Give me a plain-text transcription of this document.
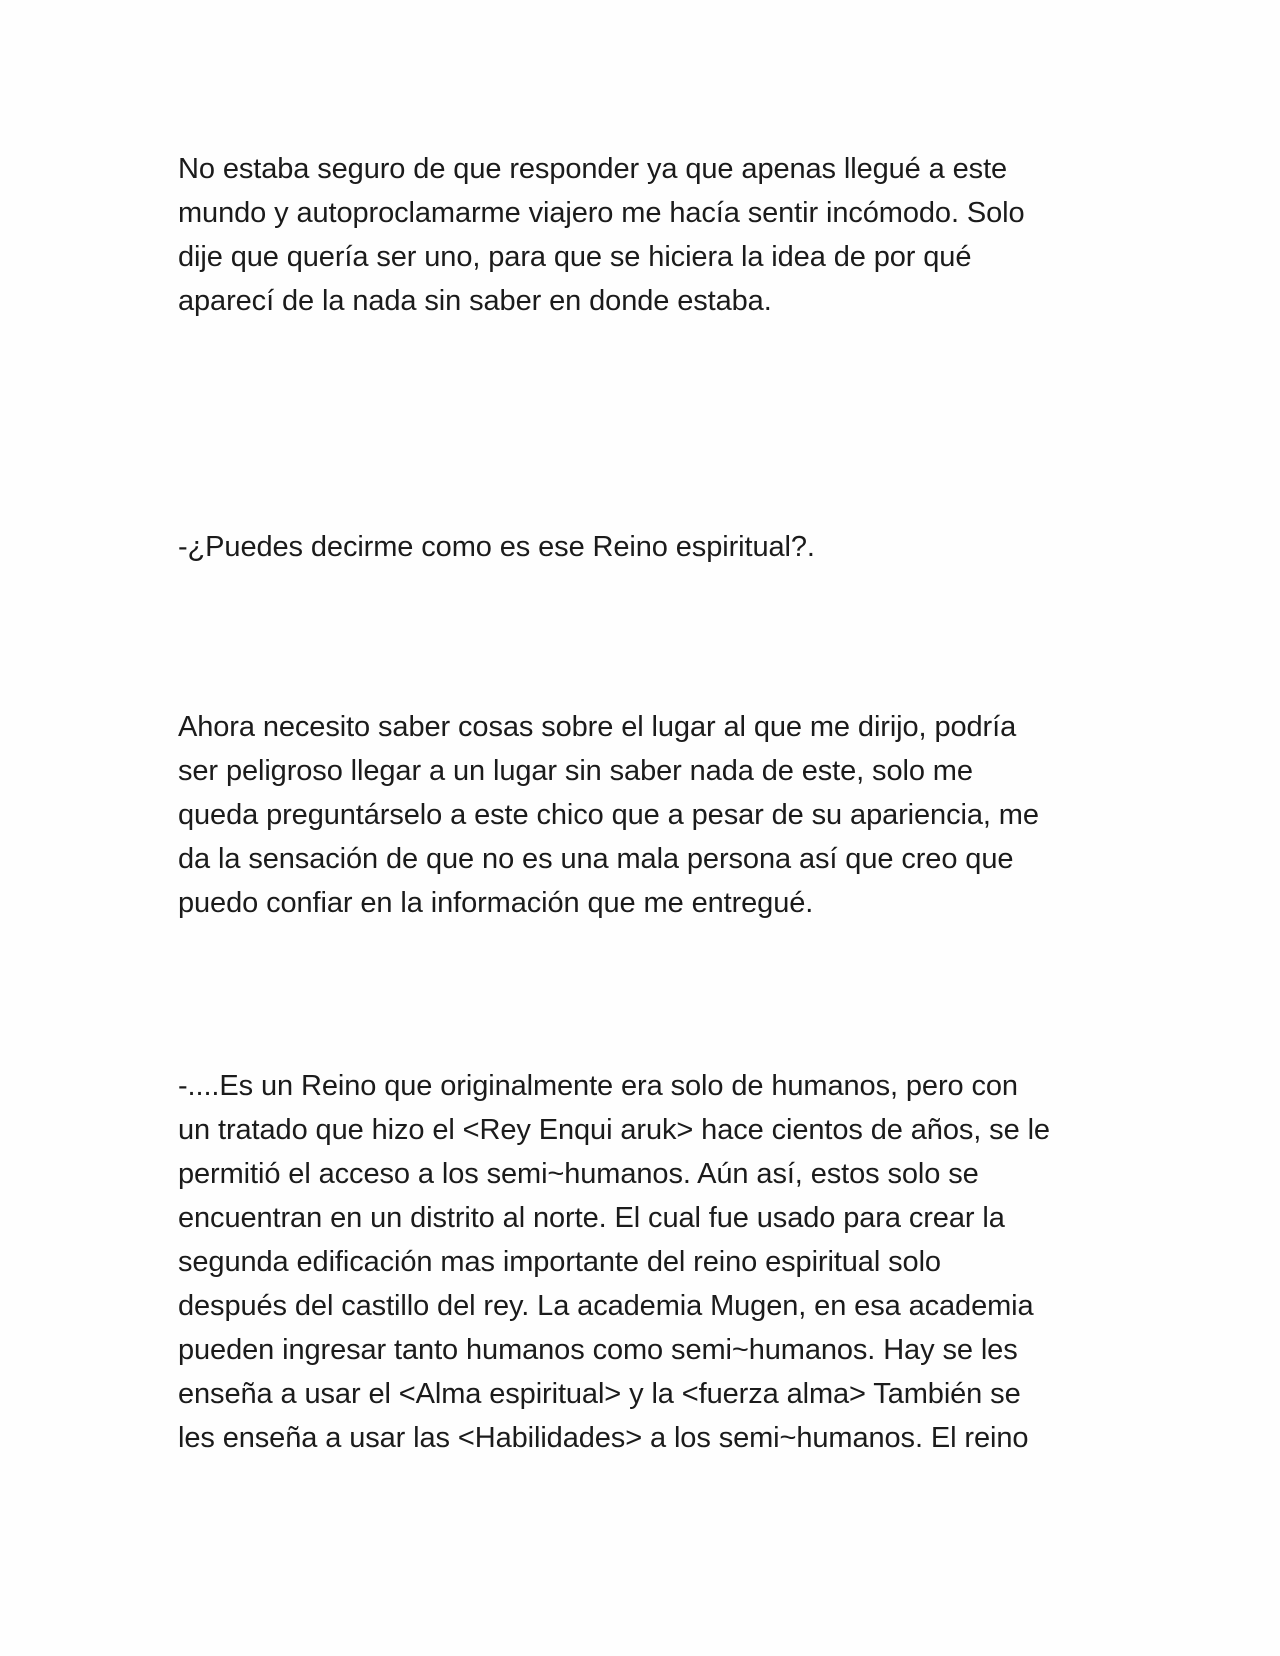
No estaba seguro de que responder ya que apenas llegué a este
mundo y autoproclamarme viajero me hacía sentir incómodo. Solo
dije que quería ser uno, para que se hiciera la idea de por qué
aparecí de la nada sin saber en donde estaba.

-¿Puedes decirme como es ese Reino espiritual?.

Ahora necesito saber cosas sobre el lugar al que me dirijo, podría
ser peligroso llegar a un lugar sin saber nada de este, solo me
queda preguntárselo a este chico que a pesar de su apariencia, me
da la sensación de que no es una mala persona así que creo que
puedo confiar en la información que me entregué.

-....Es un Reino que originalmente era solo de humanos, pero con
un tratado que hizo el <Rey Enqui aruk> hace cientos de años, se le
permitió el acceso a los semi~humanos. Aún así, estos solo se
encuentran en un distrito al norte. El cual fue usado para crear la
segunda edificación mas importante del reino espiritual solo
después del castillo del rey. La academia Mugen, en esa academia
pueden ingresar tanto humanos como semi~humanos. Hay se les
enseña a usar el <Alma espiritual> y la <fuerza alma> También se
les enseña a usar las <Habilidades> a los semi~humanos. El reino
